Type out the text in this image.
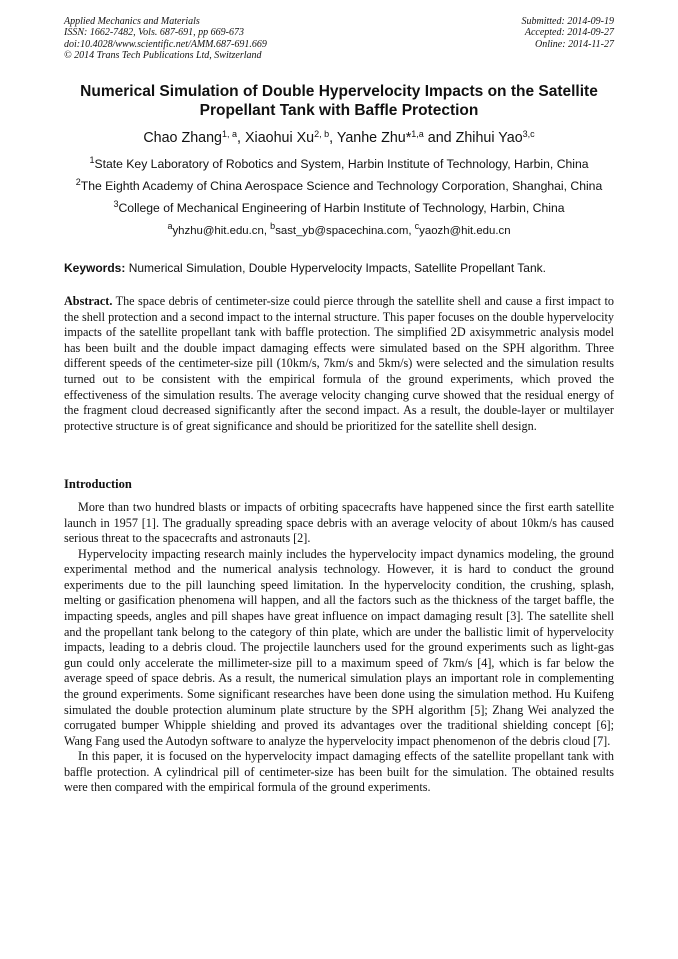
Applied Mechanics and Materials
ISSN: 1662-7482, Vols. 687-691, pp 669-673
doi:10.4028/www.scientific.net/AMM.687-691.669
© 2014 Trans Tech Publications Ltd, Switzerland
Submitted: 2014-09-19
Accepted: 2014-09-27
Online: 2014-11-27
Numerical Simulation of Double Hypervelocity Impacts on the Satellite Propellant Tank with Baffle Protection
Chao Zhang$^{1, a}$, Xiaohui Xu$^{2, b}$, Yanhe Zhu*$^{1,a}$ and Zhihui Yao$^{3,c}$
$^1$State Key Laboratory of Robotics and System, Harbin Institute of Technology, Harbin, China
$^2$The Eighth Academy of China Aerospace Science and Technology Corporation, Shanghai, China
$^3$College of Mechanical Engineering of Harbin Institute of Technology, Harbin, China
$^a$yhzhu@hit.edu.cn, $^b$sast_yb@spacechina.com, $^c$yaozh@hit.edu.cn
Keywords: Numerical Simulation, Double Hypervelocity Impacts, Satellite Propellant Tank.
Abstract. The space debris of centimeter-size could pierce through the satellite shell and cause a first impact to the shell protection and a second impact to the internal structure. This paper focuses on the double hypervelocity impacts of the satellite propellant tank with baffle protection. The simplified 2D axisymmetric analysis model has been built and the double impact damaging effects were simulated based on the SPH algorithm. Three different speeds of the centimeter-size pill (10km/s, 7km/s and 5km/s) were selected and the simulation results turned out to be consistent with the empirical formula of the ground experiments, which proved the effectiveness of the simulation results. The average velocity changing curve showed that the residual energy of the fragment cloud decreased significantly after the second impact. As a result, the double-layer or multilayer protective structure is of great significance and should be prioritized for the satellite shell design.
Introduction

More than two hundred blasts or impacts of orbiting spacecrafts have happened since the first earth satellite launch in 1957 [1]. The gradually spreading space debris with an average velocity of about 10km/s has caused serious threat to the spacecrafts and astronauts [2].

Hypervelocity impacting research mainly includes the hypervelocity impact dynamics modeling, the ground experimental method and the numerical analysis technology. However, it is hard to conduct the ground experiments due to the pill launching speed limitation. In the hypervelocity condition, the crushing, splash, melting or gasification phenomena will happen, and all the factors such as the thickness of the target baffle, the impacting speeds, angles and pill shapes have great influence on impact damaging result [3]. The satellite shell and the propellant tank belong to the category of thin plate, which are under the ballistic limit of hypervelocity impacts, leading to a debris cloud. The projectile launchers used for the ground experiments such as light-gas gun could only accelerate the millimeter-size pill to a maximum speed of 7km/s [4], which is far below the average speed of space debris. As a result, the numerical simulation plays an important role in complementing the ground experiments. Some significant researches have been done using the simulation method. Hu Kuifeng simulated the double protection aluminum plate structure by the SPH algorithm [5]; Zhang Wei analyzed the corrugated bumper Whipple shielding and proved its advantages over the traditional shielding concept [6]; Wang Fang used the Autodyn software to analyze the hypervelocity impact phenomenon of the debris cloud [7].

In this paper, it is focused on the hypervelocity impact damaging effects of the satellite propellant tank with baffle protection. A cylindrical pill of centimeter-size has been built for the simulation. The obtained results were then compared with the empirical formula of the ground experiments.
